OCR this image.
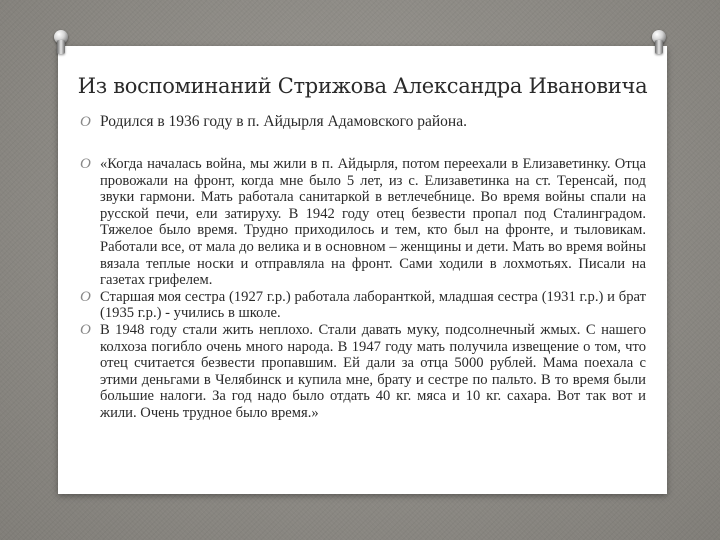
Из воспоминаний Стрижова Александра Ивановича
O Родился в 1936 году в п. Айдырля Адамовского района.
O «Когда началась война, мы жили в п. Айдырля, потом переехали в Елизаветинку. Отца провожали на фронт, когда мне было 5 лет, из с. Елизаветинка на ст. Теренсай, под звуки гармони. Мать работала санитаркой в ветлечебнице. Во время войны спали на русской печи, ели затируху. В 1942 году отец безвести пропал под Сталинградом. Тяжелое было время. Трудно приходилось и тем, кто был на фронте, и тыловикам. Работали все, от мала до велика и в основном – женщины и дети. Мать во время войны вязала теплые носки и отправляла на фронт. Сами ходили в лохмотьях. Писали на газетах грифелем.
O Старшая моя сестра (1927 г.р.) работала лаборанткой, младшая сестра (1931 г.р.) и брат (1935 г.р.) - учились в школе.
O В 1948 году стали жить неплохо. Стали давать муку, подсолнечный жмых. С нашего колхоза погибло очень много народа. В 1947 году мать получила извещение о том, что отец считается безвести пропавшим. Ей дали за отца 5000 рублей. Мама поехала с этими деньгами в Челябинск и купила мне, брату и сестре по пальто. В то время были большие налоги. За год надо было отдать 40 кг. мяса и 10 кг. сахара. Вот так вот и жили. Очень трудное было время.»
